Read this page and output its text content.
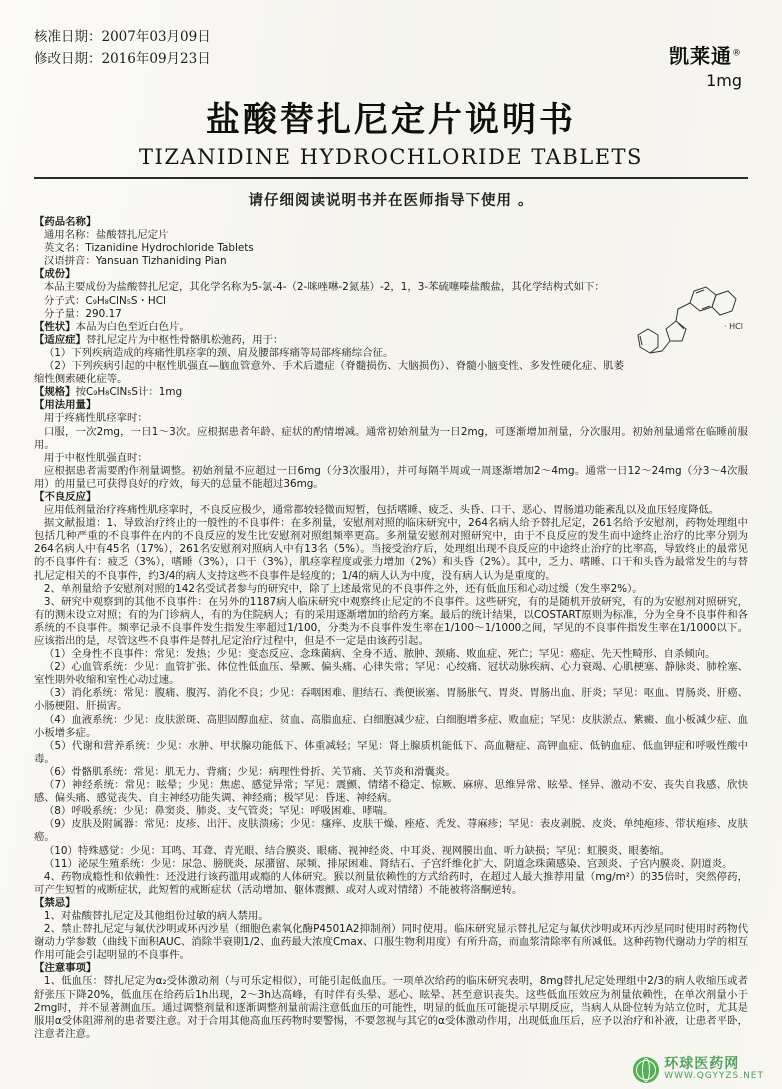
核准日期：2007年03月09日
修改日期：2016年09月23日	凯莱通®
1mg
盐酸替扎尼定片说明书
TIZANIDINE HYDROCHLORIDE TABLETS
请仔细阅读说明书并在医师指导下使用 。

【药品名称】

通用名称：盐酸替扎尼定片

英文名：Tizanidine Hydrochloride Tablets

汉语拼音：Yansuan Tizhaniding Pian

【成份】

· HCl

本品主要成份为盐酸替扎尼定，其化学名称为5-氯-4-（2-咪唑啉-2氮基）-2，1，3-苯硫噻嗪盐酸盐，其化学结构式如下：

分子式：C₉H₈ClN₅S・HCl

分子量：290.17

【性状】本品为白色至近白色片。

【适应症】替扎尼定片为中枢性骨骼肌松弛药，用于：

（1）下列疾病造成的疼痛性肌痉挛的颈、肩及腰部疼痛等局部疼痛综合征。

（2）下列疾病引起的中枢性肌强直—脑血管意外、手术后遗症（脊髓损伤、大脑损伤）、脊髓小脑变性、多发性硬化症、肌萎缩性侧索硬化症等。

【规格】按C₉H₈ClN₅S计：1mg

【用法用量】

用于疼痛性肌痉挛时：

口服，一次2mg，一日1～3次。应根据患者年龄、症状的酌情增减。通常初始剂量为一日2mg，可逐渐增加剂量，分次服用。初始剂量通常在临睡前服用。

用于中枢性肌强直时：

应根据患者需要酌作剂量调整。初始剂量不应超过一日6mg（分3次服用），并可每隔半周或一周逐渐增加2～4mg。通常一日12～24mg（分3～4次服用）的用量已可获得良好的疗效，每天的总量不能超过36mg。

【不良反应】

应用低剂量治疗疼痛性肌痉挛时，不良反应极少，通常都较轻微而短暂，包括嗜睡、疲乏、头昏、口干、恶心、胃肠道功能紊乱以及血压轻度降低。

据文献报道：1、导致治疗终止的一般性的不良事件：在多剂量，安慰剂对照的临床研究中，264名病人给予替扎尼定，261名给予安慰剂，药物处理组中包括几种严重的不良事件在内的不良反应的发生比安慰剂对照组频率更高。多剂量安慰剂对照研究中，由于不良反应的发生而中途终止治疗的比率分别为264名病人中有45名（17%），261名安慰剂对照病人中有13名（5%）。当接受治疗后，处理组出现不良反应的中途终止治疗的比率高，导致终止的最常见的不良事件有：疲乏（3%），嗜睡（3%），口干（3%），肌痉挛程度或张力增加（2%）和头昏（2%）。其中，乏力、嗜睡、口干和头昏为最常发生的与替扎尼定相关的不良事件，约3/4的病人支持这些不良事件是轻度的；1/4的病人认为中度，没有病人认为是重度的。

2、单剂量给予安慰剂对照的142名受试者参与的研究中，除了上述最常见的不良事件之外，还有低血压和心动过缓（发生率2%）。

3、研究中观察到的其他不良事件：在另外的1187病人临床研究中观察终止尼定的不良事件。这些研究，有的是随机开放研究，有的为安慰剂对照研究，有的测未设立对照；有的为门诊病人，有的为住院病人；有的采用逐渐增加的给药方案。最后的统计结果，以COSTART原则为标准，分为全身不良事件和各系统的不良事件。频率记录不良事件发生指发生率超过1/100，分类为不良事件发生率在1/100～1/1000之间，罕见的不良事件指发生率在1/1000以下。应该指出的是，尽管这些不良事件是替扎尼定治疗过程中，但是不一定是由该药引起。

（1）全身性不良事件：常见：发热；少见：变态反应、念珠菌病、全身不适、脓肿、颈痛、败血症、死亡；罕见：癌症、先天性畸形、自杀倾向。

（2）心血管系统：少见：血管扩张、体位性低血压、晕厥、偏头痛、心律失常；罕见：心绞痛、冠状动脉疾病、心力衰竭、心肌梗塞、静脉炎、肺栓塞、室性期外收缩和室性心动过速。

（3）消化系统：常见：腹痛、腹泻、消化不良；少见：吞咽困难、胆结石、粪便嵌塞、胃肠胀气、胃炎、胃肠出血、肝炎；罕见：呕血、胃肠炎、肝癌、小肠梗阻、肝损害。

（4）血液系统：少见：皮肤淤斑、高胆固醇血症、贫血、高脂血症、白细胞减少症、白细胞增多症、败血症；罕见：皮肤淤点、紫癜、血小板减少症、血小板增多症。

（5）代谢和营养系统：少见：水肿、甲状腺功能低下、体重减轻；罕见：肾上腺质机能低下、高血糖症、高钾血症、低钠血症、低血钾症和呼吸性酸中毒。

（6）骨骼肌系统：常见：肌无力、背痛；少见：病理性骨折、关节痛、关节炎和滑囊炎。

（7）神经系统：常见：眩晕；少见：焦虑、感觉异常；罕见：震颤、情绪不稳定、惊厥、麻痹、思维异常、眩晕、怪异、激动不安、丧失自我感、欣快感、偏头痛、感觉丧失、自主神经功能失调、神经痛；极罕见：昏迷、神经病。

（8）呼吸系统：少见：鼻窦炎、肺炎、支气管炎；罕见：呼吸困难、哮喘。

（9）皮肤及附属器：常见：皮疹、出汗、皮肤溃疡；少见：瘙痒、皮肤干燥、痤疮、秃发、荨麻疹；罕见：表皮剥脱、皮炎、单纯疱疹、带状疱疹、皮肤癌。

（10）特殊感觉：少见：耳鸣、耳聋、青光眼、结合膜炎、眼痛、视神经炎、中耳炎、视网膜出血、听力缺损；罕见：虹膜炎、眼萎缩。

（11）泌尿生殖系统：少见：尿急、膀胱炎、尿潴留、尿频、排尿困难、肾结石、子宫纤维化扩大、阴道念珠菌感染、宫颈炎、子宫内膜炎、阴道炎。

4、药物成瘾性和依赖性：还没进行该药滥用或瘾的人体研究。猴以剂量依赖性的方式给药时，在超过人最大推荐用量（mg/m²）的35倍时，突然停药，可产生短暂的戒断症状，此短暂的戒断症状（活动增加、躯体震颤、或对人或对情绪）不能被将洛酮逆转。

【禁忌】

1、对盐酸替扎尼定及其他组份过敏的病人禁用。

2、禁止替扎尼定与氟伏沙明或环丙沙星（细胞色素氧化酶P4501A2抑制剂）同时使用。临床研究显示替扎尼定与氟伏沙明或环丙沙星同时使用时药物代谢动力学参数（曲线下面积AUC、消除半衰期1/2、血药最大浓度Cmax、口服生物利用度）有所升高，而血浆清除率有所减低。这种药物代谢动力学的相互作用可能会引起明显的不良事件。

【注意事项】

1、低血压：替扎尼定为α₂受体激动剂（与可乐定相似），可能引起低血压。一项单次给药的临床研究表明，8mg替扎尼定处理组中2/3的病人收缩压或者舒张压下降20%，低血压在给药后1h出现，2～3h达高峰，有时伴有头晕、恶心、眩晕、甚至意识丧失。这些低血压效应为剂量依赖性，在单次剂量小于2mg时，并不显著测血压。通过调整剂量和逐渐调整剂量前需注意低血压的可能性，明显的低血压可能提示早期反应，当病人从卧位转为站立位时，尤其是服用α受体阻滞剂的患者要注意。对于合用其他高血压药物时要警惕，不要忽视与其它的α受体激动作用，出现低血压后，应予以治疗和补液，让患者平卧，注意者注意。

环球医药网
WWW.QGYYZS.NET
